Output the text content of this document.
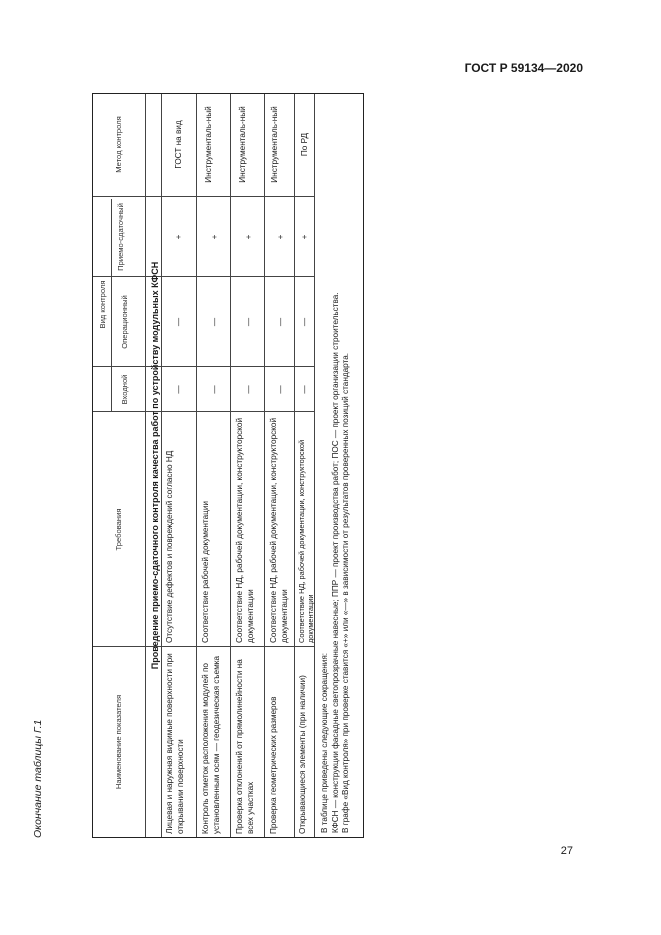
ГОСТ Р 59134—2020
27
Окончание таблицы Г.1	Наименование показателя
Требования
Вид контроля
Входной
Операционный
Приемо-сдаточный
Метод контроля
Проведение приемо-сдаточного контроля качества работ по устройству модульных КФСН
Лицевая и наружная видимые поверхности при открывании поверхности
Отсутствие дефектов и повреждений согласно НД
—
—
+
ГОСТ на вид
Контроль отметок расположения модулей по установленным осям — геодезическая съемка
Соответствие рабочей документации
—
—
+
Инструменталь-ный
Проверка отклонений от прямолинейности на всех участках
Соответствие НД, рабочей документации, конструкторской документации
—
—
+
Инструменталь-ный
Проверка геометрических размеров
Соответствие НД, рабочей документации, конструкторской документации
—
—
+
Инструменталь-ный
Открывающиеся элементы (при наличии)
Соответствие НД, рабочей документации, конструкторской документации
—
—
+
По РД
В таблице приведены следующие сокращения: КФСН — конструкции фасадные светопрозрачные навесные; ППР — проект производства работ; ПОС — проект организации строительства. В графе «Вид контроля» при проверке ставится «+» или «—» в зависимости от результатов проверенных позиций стандарта.
